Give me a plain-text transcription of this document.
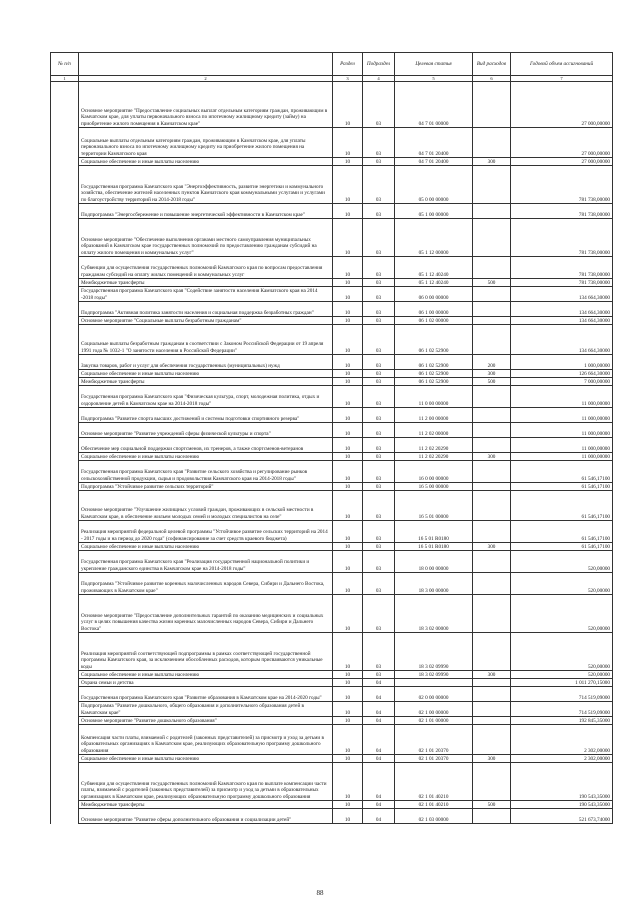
№ п/п		Раздел	Подраздел	Целевая статья	Вид расходов	Годовой объем ассигнований
1	2	3	4	5	6	7
	Основное мероприятие "Предоставление социальных выплат отдельным категориям граждан, проживающим в Камчатском крае, для уплаты первоначального взноса по ипотечному жилищному кредиту (займу) на приобретение жилого помещения в Камчатском крае"	10	03	04 7 01 00000		27 000,00000
	Социальные выплаты отдельным категориям граждан, проживающим в Камчатском крае, для уплаты первоначального взноса по ипотечному жилищному кредиту на приобретение жилого помещения на территории Камчатского края	10	03	04 7 01 20400		27 000,00000
	Социальное обеспечение и иные выплаты населению	10	03	04 7 01 20400	300	27 000,00000
	Государственная программа Камчатского края "Энергоэффективность, развитие энергетики и коммунального хозяйства, обеспечение жителей населенных пунктов Камчатского края коммунальными услугами и услугами по благоустройству территорий на 2014-2018 годы"	10	03	05 0 00 00000		781 738,00000
	Подпрограмма "Энергосбережение и повышение энергетической эффективности в Камчатском крае"	10	03	05 1 00 00000		781 738,00000
	Основное мероприятие "Обеспечение выполнения органами местного самоуправления муниципальных образований в Камчатском крае государственных полномочий по предоставлению гражданам субсидий на оплату жилого помещения и коммунальных услуг"	10	03	05 1 12 00000		781 738,00000
	Субвенции для осуществления государственных полномочий Камчатского края по вопросам предоставления гражданам субсидий на оплату жилых помещений и коммунальных услуг	10	03	05 1 12 40240		781 738,00000
	Межбюджетные трансферты	10	03	05 1 12 40240	500	781 738,00000
	Государственная программа Камчатского края "Содействие занятости населения Камчатского края на 2014 -2018 годы"	10	03	06 0 00 00000		134 664,30000
	Подпрограмма "Активная политика занятости населения и социальная поддержка безработных граждан"	10	03	06 1 00 00000		134 664,30000
	Основное мероприятие "Социальные выплаты безработным гражданам"	10	03	06 1 02 00000		134 664,30000
	Социальные выплаты безработным гражданам в соответствии с Законом Российской Федерации от 19 апреля 1991 года № 1032-1 "О занятости населения в Российской Федерации"	10	03	06 1 02 52900		134 664,30000
	Закупка товаров, работ и услуг для обеспечения государственных (муниципальных) нужд	10	03	06 1 02 52900	200	1 000,00000
	Социальное обеспечение и иные выплаты населению	10	03	06 1 02 52900	300	126 664,30000
	Межбюджетные трансферты	10	03	06 1 02 52900	500	7 000,00000
	Государственная программа Камчатского края "Физическая культура, спорт, молодежная политика, отдых и оздоровление детей в Камчатском крае на 2014-2018 годы"	10	03	11 0 00 00000		11 000,00000
	Подпрограмма "Развитие спорта высших достижений и системы подготовки спортивного резерва"	10	03	11 2 00 00000		11 000,00000
	Основное мероприятие "Развитие учреждений сферы физической культуры и спорта"	10	03	11 2 02 00000		11 000,00000
	Обеспечение мер социальной поддержки спортсменов, их тренеров, а также спортсменов-ветеранов	10	03	11 2 02 20290		11 000,00000
	Социальное обеспечение и иные выплаты населению	10	03	11 2 02 20290	300	11 000,00000
	Государственная программа Камчатского края "Развитие сельского хозяйства и регулирование рынков сельскохозяйственной продукции, сырья и продовольствия Камчатского края на 2014-2018 годы"	10	03	16 0 00 00000		61 546,17100
	Подпрограмма "Устойчивое развитие сельских территорий"	10	03	16 5 00 00000		61 546,17100
	Основное мероприятие "Улучшение жилищных условий граждан, проживающих в сельской местности в Камчатском крае, в обеспечение жильем молодых семей и молодых специалистов на селе"	10	03	16 5 01 00000		61 546,17100
	Реализация мероприятий федеральной целевой программы "Устойчивое развитие сельских территорий на 2014 - 2017 годы и на период до 2020 года" (софинансирование за счет средств краевого бюджета)	10	03	16 5 01 R0180		61 546,17100
	Социальное обеспечение и иные выплаты населению	10	03	16 5 01 R0180	300	61 546,17100
	Государственная программа Камчатского края "Реализация государственной национальной политики и укрепление гражданского единства в Камчатском крае на 2014-2018 годы"	10	03	18 0 00 00000		520,00000
	Подпрограмма "Устойчивое развитие коренных малочисленных народов Севера, Сибири и Дальнего Востока, проживающих в Камчатском крае"	10	03	18 3 00 00000		520,00000
	Основное мероприятие "Предоставление дополнительных гарантий по оказанию медицинских и социальных услуг в целях повышения качества жизни коренных малочисленных народов Севера, Сибири и Дальнего Востока"	10	03	18 3 02 00000		520,00000
	Реализация мероприятий соответствующей подпрограммы в рамках соответствующей государственной программы Камчатского края, за исключением обособленных расходов, которым присваиваются уникальные коды	10	03	18 3 02 09990		520,00000
	Социальное обеспечение и иные выплаты населению	10	03	18 3 02 09990	300	520,00000
	Охрана семьи и детства	10	04			1 011 270,15000
	Государственная программа Камчатского края "Развитие образования в Камчатском крае на 2014-2020 годы"	10	04	02 0 00 00000		714 519,09000
	Подпрограмма "Развитие дошкольного, общего образования и дополнительного образования детей в Камчатском крае"	10	04	02 1 00 00000		714 519,09000
	Основное мероприятие "Развитие дошкольного образования"	10	04	02 1 01 00000		192 845,35000
	Компенсация части платы, взимаемой с родителей (законных представителей) за присмотр и уход за детьми в образовательных организациях в Камчатском крае, реализующих образовательную программу дошкольного образования	10	04	02 1 01 20370		2 302,00000
	Социальное обеспечение и иные выплаты населению	10	04	02 1 01 20370	300	2 302,00000
	Субвенции для осуществления государственных полномочий Камчатского края по выплате компенсации части платы, взимаемой с родителей (законных представителей) за присмотр и уход за детьми в образовательных организациях в Камчатском крае, реализующих образовательную программу дошкольного образования	10	04	02 1 01 40210		190 543,35000
	Межбюджетные трансферты	10	04	02 1 01 40210	500	190 543,35000
	Основное мероприятие "Развитие сферы дополнительного образования и социализации детей"	10	04	02 1 03 00000		521 673,74000
88
